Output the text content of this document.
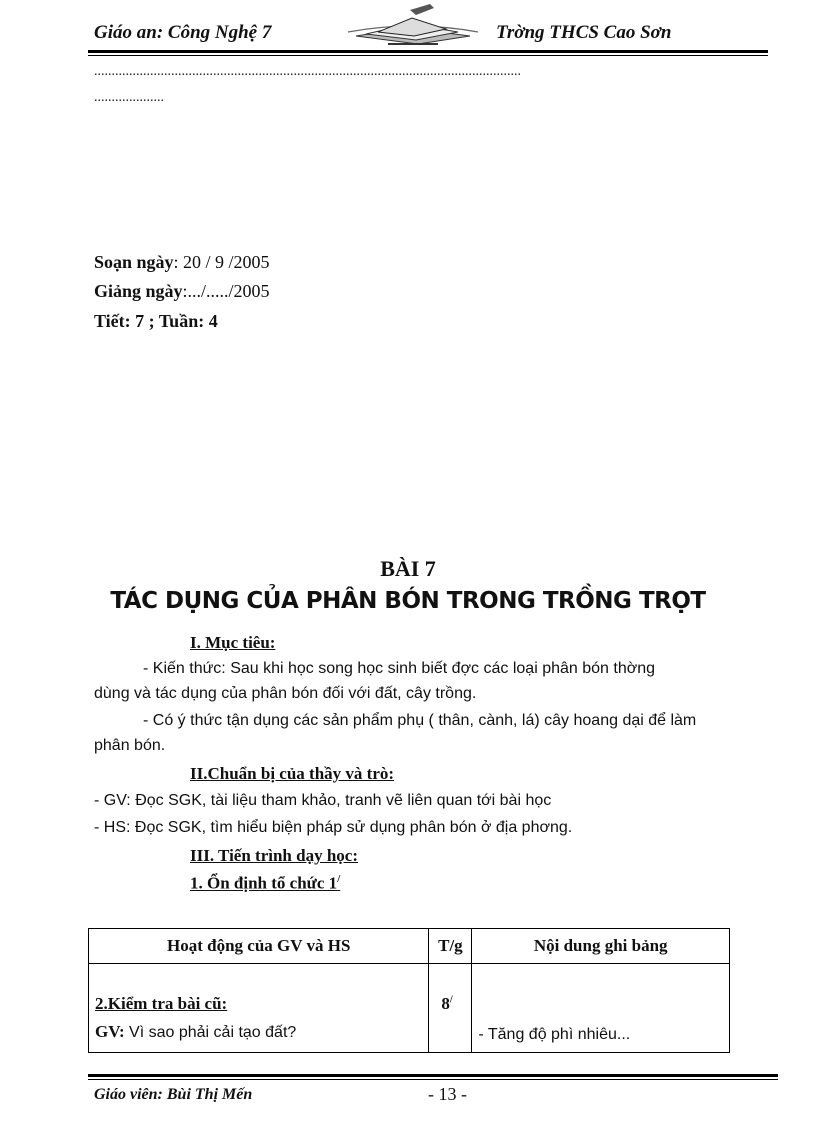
Giáo an: Công Nghệ 7	Trờng THCS Cao Sơn
..........................................................................................................................
....................
Soạn ngày: 20 / 9 /2005
Giảng ngày:.../...../2005
Tiết: 7 ; Tuần: 4
BÀI 7
TÁC DỤNG CỦA PHÂN BÓN TRONG TRỒNG TRỌT
I. Mục tiêu:
- Kiến thức: Sau khi học song học sinh biết đợc các loại phân bón thờng
dùng và tác dụng của phân bón đối với đất, cây trồng.
- Có ý thức tận dụng các sản phẩm phụ ( thân, cành, lá) cây hoang dại để làm
phân bón.
II.Chuẩn bị của thầy và trò:
- GV: Đọc SGK, tài liệu tham khảo, tranh vẽ liên quan tới bài học
- HS: Đọc SGK, tìm hiểu biện pháp sử dụng phân bón ở địa phơng.
III. Tiến trình dạy học:
1. Ổn định tổ chức 1/
Hoạt động của GV và HS	T/g	Nội dung ghi bảng

2.Kiểm tra bài cũ:
GV: Vì sao phải cải tạo đất?	8/	- Tăng độ phì nhiêu...
Giáo viên: Bùi Thị Mến	- 13 -
